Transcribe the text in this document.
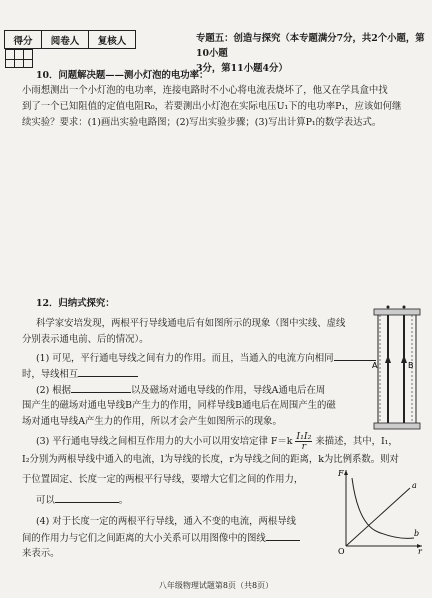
得分	阅卷人	复核人
			专题五：创造与探究（本专题满分7分，共2个小题，第10小题
3分，第11小题4分）
10．问题解决题——测小灯泡的电功率：
小雨想测出一个小灯泡的电功率，连接电路时不小心将电流表烧坏了，他又在学具盒中找
到了一个已知阻值的定值电阻R₀，若要测出小灯泡在实际电压U₁下的电功率P₁，应该如何继
续实验？要求：(1)画出实验电路图；(2)写出实验步骤；(3)写出计算P₁的数学表达式。
12．归纳式探究：
科学家安培发现，两根平行导线通电后有如图所示的现象（图中实线、虚线
分别表示通电前、后的情况）。
(1) 可见，平行通电导线之间有力的作用。而且，当通入的电流方向相同
时，导线相互
(2) 根据	以及磁场对通电导线的作用，导线A通电后在周
围产生的磁场对通电导线B产生力的作用，同样导线B通电后在周围产生的磁
场对通电导线A产生力的作用，所以才会产生如图所示的现象。
(3) 平行通电导线之间相互作用力的大小可以用安培定律 $F=k \frac{\text{I₁I₂}}{r}$ 来描述，其中，I₁，
I₂分别为两根导线中通入的电流，l为导线的长度，r为导线之间的距离，k为比例系数。则对
于位置固定、长度一定的两根平行导线，要增大它们之间的作用力，
可以	。
(4) 对于长度一定的两根平行导线，通入不变的电流，两根导线
间的作用力与它们之间距离的大小关系可以用图像中的图线
来表示。
A	B
F
r
O
a
b
八年级物理试题第8页（共8页）
